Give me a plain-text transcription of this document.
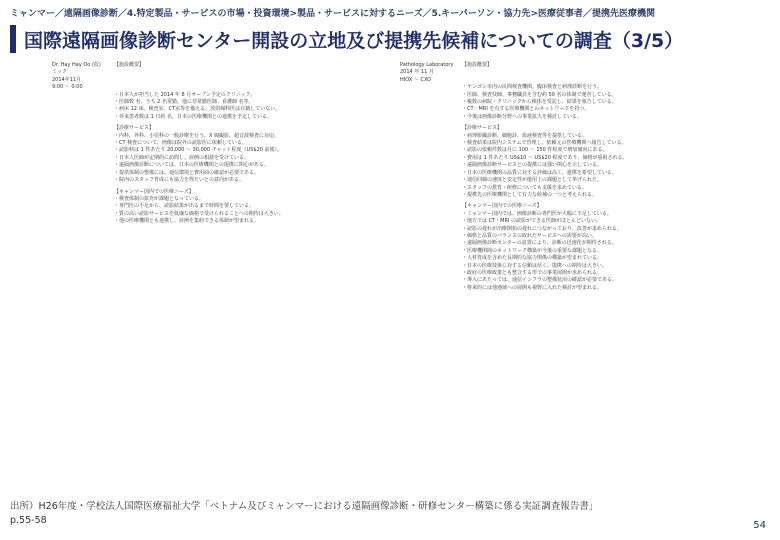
ミャンマー／遠隔画像診断／4.特定製品・サービスの市場・投資環境>製品・サービスに対するニーズ／5.キーパーソン・協力先>医療従事者／提携先医療機関
国際遠隔画像診断センター開設の立地及び提携先候補についての調査（3/5）
Dr. Hay Hay Oo (仮)	【施設概要】
ミック
2014年11月
9:00 ～ 0:00

・日本人が担当した 2014 年 8 月オープン予定のクリニック。

・医師数 名、うち 2 名常勤。他に非常勤医師、看護師 名等。

・病床 12 床、検査室、CT室等を備える。放射線科医は在籍していない。

・外来患者数は 1 日約 名。日本の医療機関との連携を予定している。

【診療サービス】

・内科、外科、小児科の一般診療を行う。X 線撮影、超音波検査に対応。

・CT 検査について、画像は院外の読影医に依頼している。

・読影料は 1 件あたり 20,000 ～ 30,000 チャット程度（US$20 前後）。

・日本人医師が定期的に訪問し、症例の相談を受けている。

・遠隔画像診断については、日本の医療機関との提携に関心がある。

・提供体制の整備には、通信環境と費用面の確認が必要である。

・院内のスタッフ育成にも協力を得たいとの意向がある。

【キャンマー国内での医療ニーズ】

・検査体制の拡充が課題となっている。

・専門医の不足から、読影結果が出るまで時間を要している。

・質の高い読影サービスを低廉な価格で受けられることへの期待は大きい。

・他の医療機関とも連携し、症例を集約できる体制が望まれる。

Pathology Laboratory	【施設概要】
2014 年 11 月
HIOX ～ CXO

・ヤンゴン市内の民間検査機関。臨床検査と病理診断を行う。

・医師、検査技師、事務職員を含む約 50 名の体制で運営している。

・複数の病院・クリニックから検体を受託し、結果を報告している。

・CT・MRI を有する医療機関とのネットワークを持つ。

・今後は画像診断分野への事業拡大を検討している。

【診療サービス】

・病理組織診断、細胞診、血液検査等を提供している。

・検査結果は院内システムで管理し、依頼元の医療機関へ報告している。

・読影の依頼件数は月に 100 ～ 150 件程度で増加傾向にある。

・費用は 1 件あたり US$10 ～ US$20 程度であり、価格が重視される。

・遠隔画像診断サービスとの提携には強い関心を示している。

・日本の医療機関の品質に対する評価は高く、連携を希望している。

・通信回線の速度と安定性が運用上の課題として挙げられた。

・スタッフの教育・研修についても支援を求めている。

・提携先の医療機関として有力な候補の一つと考えられる。

【キャンマー国内での医療ニーズ】

・ミャンマー国内では、画像診断の専門医が大幅に不足している。

・地方では CT・MRI の読影ができる医師がほとんどいない。

・読影の遅れが治療開始の遅れにつながっており、改善が求められる。

・価格と品質のバランスの取れたサービスへの需要が高い。

・遠隔画像診断センターの設置により、診断の迅速化が期待される。

・医療機関間のネットワーク構築が今後の重要な課題となる。

・人材育成を含めた長期的な協力関係の構築が望まれている。

・日本の医療技術に対する信頼は厚く、提携への期待は大きい。

・政府の医療政策とも整合する形での事業展開が求められる。

・導入にあたっては、通信インフラの整備状況の確認が必要である。

・将来的には他地域への展開も視野に入れた検討が望まれる。

出所）H26年度・学校法人国際医療福祉大学「ベトナム及びミャンマーにおける遠隔画像診断・研修センター構築に係る実証調査報告書」
p.55-58	54
